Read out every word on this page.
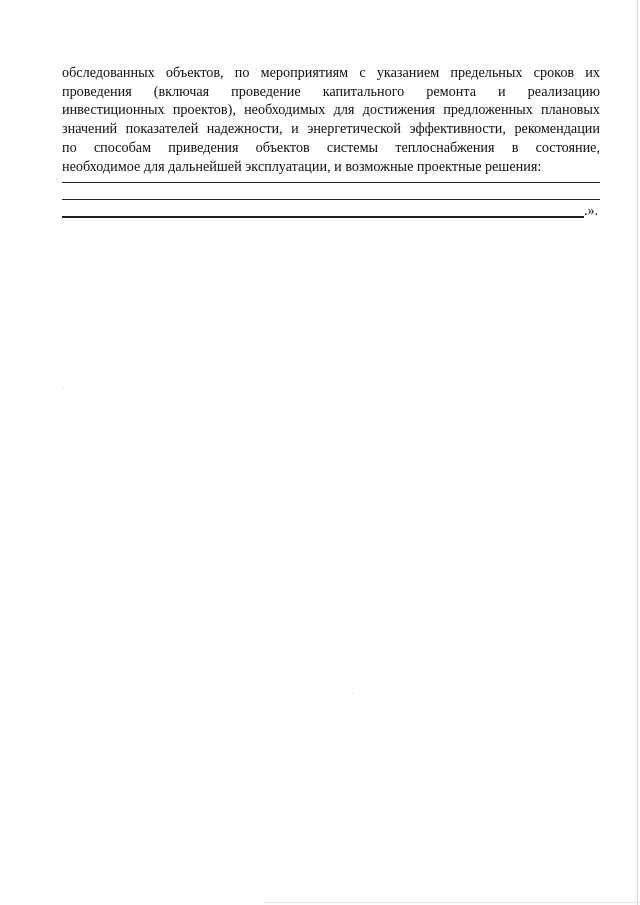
обследованных объектов, по мероприятиям с указанием предельных сроков их
проведения (включая проведение капитального ремонта и реализацию
инвестиционных проектов), необходимых для достижения предложенных плановых
значений показателей надежности, и энергетической эффективности, рекомендации
по способам приведения объектов системы теплоснабжения в состояние,
необходимое для дальнейшей эксплуатации, и возможные проектные решения:
.».
